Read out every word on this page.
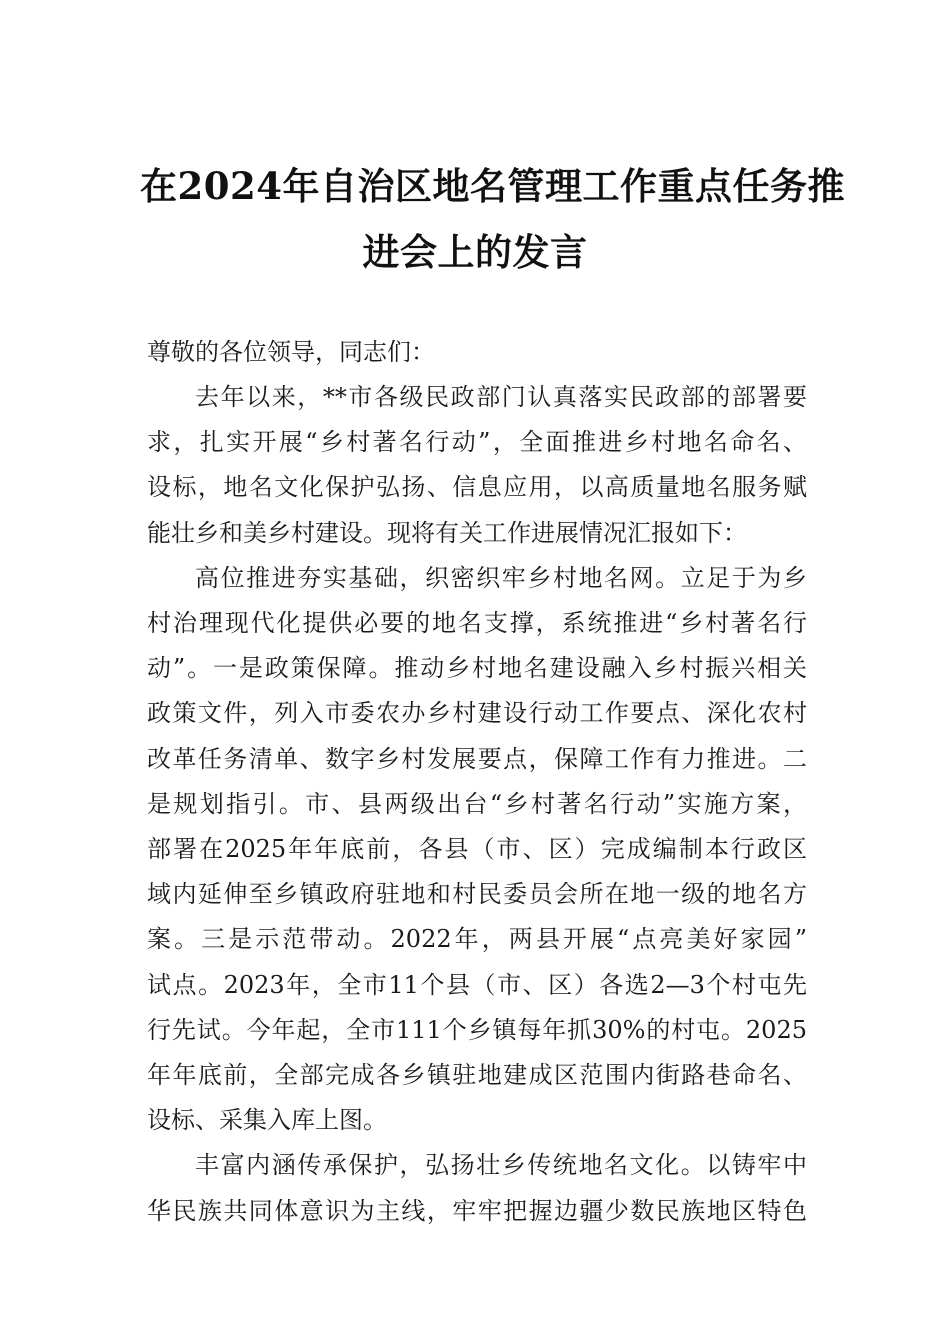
在2024年自治区地名管理工作重点任务推
进会上的发言

尊敬的各位领导，同志们：

去年以来，**市各级民政部门认真落实民政部的部署要

求，扎实开展“乡村著名行动”，全面推进乡村地名命名、

设标，地名文化保护弘扬、信息应用，以高质量地名服务赋

能壮乡和美乡村建设。现将有关工作进展情况汇报如下：

高位推进夯实基础，织密织牢乡村地名网。立足于为乡

村治理现代化提供必要的地名支撑，系统推进“乡村著名行

动”。一是政策保障。推动乡村地名建设融入乡村振兴相关

政策文件，列入市委农办乡村建设行动工作要点、深化农村

改革任务清单、数字乡村发展要点，保障工作有力推进。二

是规划指引。市、县两级出台“乡村著名行动”实施方案，

部署在2025年年底前，各县（市、区）完成编制本行政区

域内延伸至乡镇政府驻地和村民委员会所在地一级的地名方

案。三是示范带动。2022年，两县开展“点亮美好家园”

试点。2023年，全市11个县（市、区）各选2—3个村屯先

行先试。今年起，全市111个乡镇每年抓30%的村屯。2025

年年底前，全部完成各乡镇驻地建成区范围内街路巷命名、

设标、采集入库上图。

丰富内涵传承保护，弘扬壮乡传统地名文化。以铸牢中

华民族共同体意识为主线，牢牢把握边疆少数民族地区特色
